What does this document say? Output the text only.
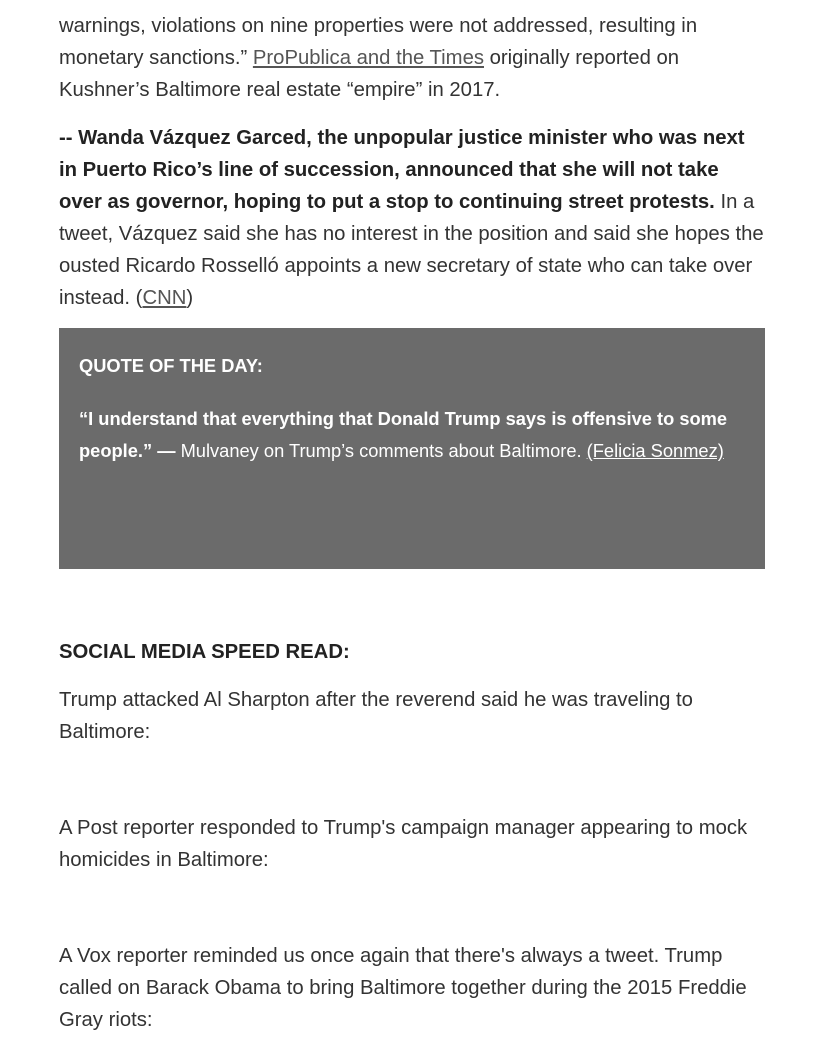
warnings, violations on nine properties were not addressed, resulting in monetary sanctions.” ProPublica and the Times originally reported on Kushner’s Baltimore real estate “empire” in 2017.

-- Wanda Vázquez Garced, the unpopular justice minister who was next in Puerto Rico’s line of succession, announced that she will not take over as governor, hoping to put a stop to continuing street protests. In a tweet, Vázquez said she has no interest in the position and said she hopes the ousted Ricardo Rosselló appoints a new secretary of state who can take over instead. (CNN)

QUOTE OF THE DAY:

“I understand that everything that Donald Trump says is offensive to some people.” — Mulvaney on Trump’s comments about Baltimore. (Felicia Sonmez)

SOCIAL MEDIA SPEED READ:

Trump attacked Al Sharpton after the reverend said he was traveling to Baltimore:

A Post reporter responded to Trump's campaign manager appearing to mock homicides in Baltimore:

A Vox reporter reminded us once again that there's always a tweet. Trump called on Barack Obama to bring Baltimore together during the 2015 Freddie Gray riots:
